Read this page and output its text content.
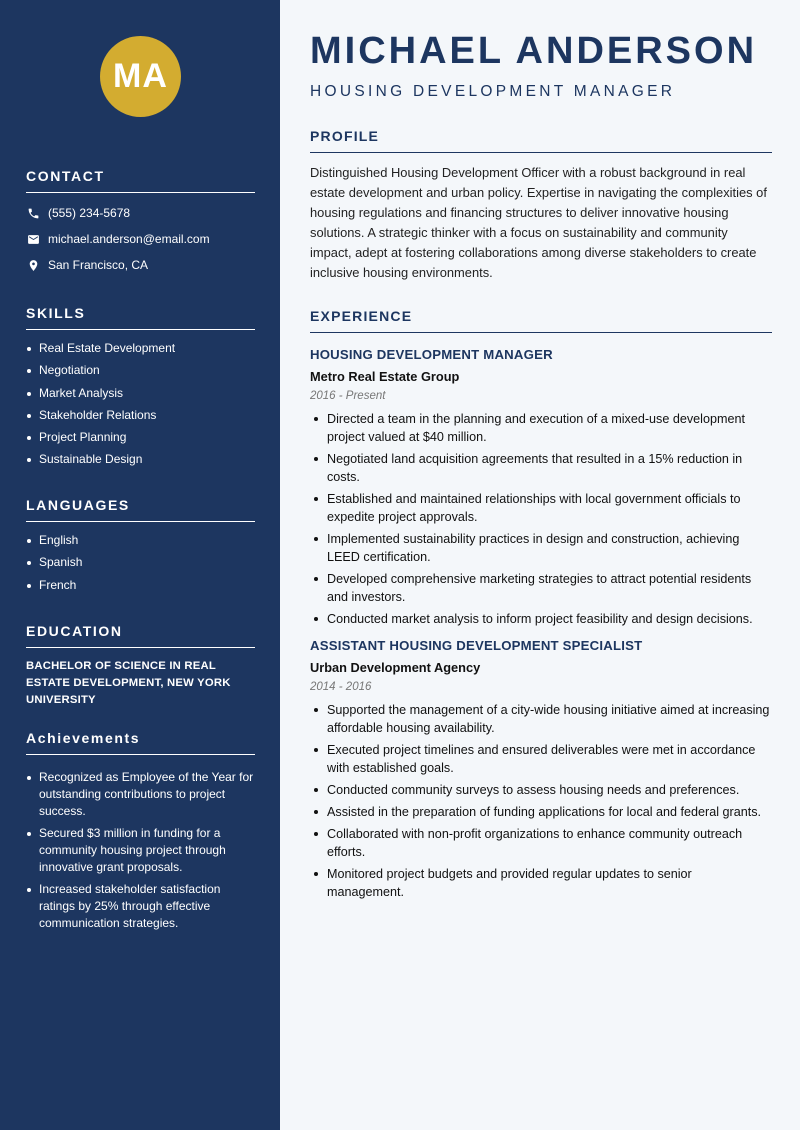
MA
CONTACT
(555) 234-5678
michael.anderson@email.com
San Francisco, CA
SKILLS
Real Estate Development
Negotiation
Market Analysis
Stakeholder Relations
Project Planning
Sustainable Design
LANGUAGES
English
Spanish
French
EDUCATION
BACHELOR OF SCIENCE IN REAL ESTATE DEVELOPMENT, NEW YORK UNIVERSITY
Achievements
Recognized as Employee of the Year for outstanding contributions to project success.
Secured $3 million in funding for a community housing project through innovative grant proposals.
Increased stakeholder satisfaction ratings by 25% through effective communication strategies.
MICHAEL ANDERSON
HOUSING DEVELOPMENT MANAGER
PROFILE
Distinguished Housing Development Officer with a robust background in real estate development and urban policy. Expertise in navigating the complexities of housing regulations and financing structures to deliver innovative housing solutions. A strategic thinker with a focus on sustainability and community impact, adept at fostering collaborations among diverse stakeholders to create inclusive housing environments.
EXPERIENCE
HOUSING DEVELOPMENT MANAGER
Metro Real Estate Group
2016 - Present
Directed a team in the planning and execution of a mixed-use development project valued at $40 million.
Negotiated land acquisition agreements that resulted in a 15% reduction in costs.
Established and maintained relationships with local government officials to expedite project approvals.
Implemented sustainability practices in design and construction, achieving LEED certification.
Developed comprehensive marketing strategies to attract potential residents and investors.
Conducted market analysis to inform project feasibility and design decisions.
ASSISTANT HOUSING DEVELOPMENT SPECIALIST
Urban Development Agency
2014 - 2016
Supported the management of a city-wide housing initiative aimed at increasing affordable housing availability.
Executed project timelines and ensured deliverables were met in accordance with established goals.
Conducted community surveys to assess housing needs and preferences.
Assisted in the preparation of funding applications for local and federal grants.
Collaborated with non-profit organizations to enhance community outreach efforts.
Monitored project budgets and provided regular updates to senior management.
